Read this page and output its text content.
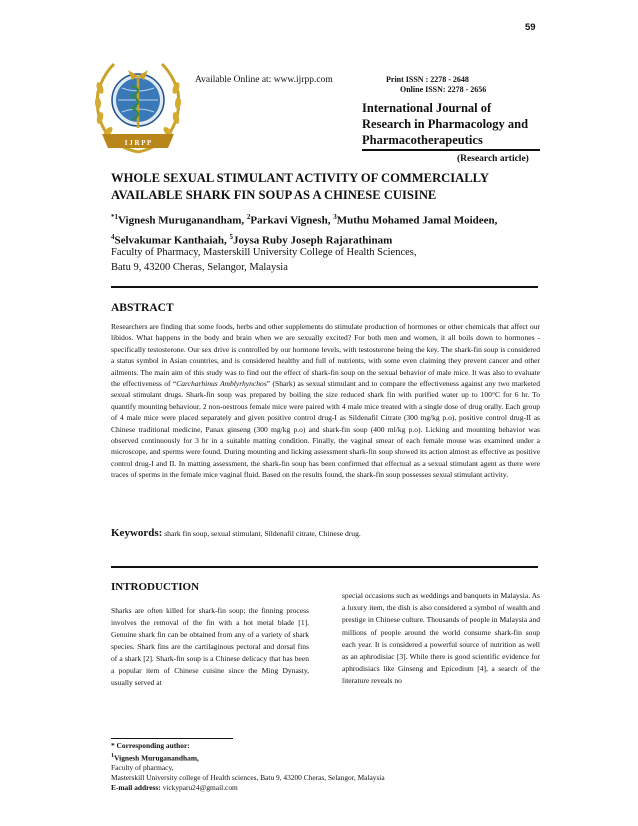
59
I J R P P
Available Online at: www.ijrpp.com	Print ISSN : 2278 - 2648
Online ISSN: 2278 - 2656
International Journal of
Research in Pharmacology and
Pharmacotherapeutics
(Research article)
WHOLE SEXUAL STIMULANT ACTIVITY OF COMMERCIALLY
AVAILABLE SHARK FIN SOUP AS A CHINESE CUISINE
$^{*1}$Vignesh Muruganandham, $^2$Parkavi Vignesh, $^3$Muthu Mohamed Jamal Moideen,
$^4$Selvakumar Kanthaiah, $^5$Joysa Ruby Joseph Rajarathinam
Faculty of Pharmacy, Masterskill University College of Health Sciences,
Batu 9, 43200 Cheras, Selangor, Malaysia
ABSTRACT
Researchers are finding that some foods, herbs and other supplements do stimulate production of hormones or other chemicals that affect our libidos. What happens in the body and brain when we are sexually excited? For both men and women, it all boils down to hormones - specifically testosterone. Our sex drive is controlled by our hormone levels, with testosterone being the key. The shark-fin soup is considered a status symbol in Asian countries, and is considered healthy and full of nutrients, with some even claiming they prevent cancer and other ailments. The main aim of this study was to find out the effect of shark-fin soup on the sexual behavior of male mice. It was also to evaluate the effectiveness of “Carcharhinus Amblyrhynchos” (Shark) as sexual stimulant and to compare the effectiveness against any two marketed sexual stimulant drugs. Shark-fin soup was prepared by boiling the size reduced shark fin with purified water up to 100°C for 6 hr. To quantify mounting behaviour, 2 non-oestrous female mice were paired with 4 male mice treated with a single dose of drug orally. Each group of 4 male mice were placed separately and given positive control drug-I as Sildenafil Citrate (300 mg/kg p.o), positive control drug-II as Chinese traditional medicine, Panax ginseng (300 mg/kg p.o) and shark-fin soup (400 ml/kg p.o). Licking and mounting behavior was observed continuously for 3 hr in a suitable matting condition. Finally, the vaginal smear of each female mouse was examined under a microscope, and sperms were found. During mounting and licking assessment shark-fin soup showed its action almost as effective as positive control drug-I and II. In matting assessment, the shark-fin soup has been confirmed that effectual as a sexual stimulant agent as there were traces of sperms in the female mice vaginal fluid. Based on the results found, the shark-fin soup possesses sexual stimulant activity.
Keywords: shark fin soup, sexual stimulant, Sildenafil citrate, Chinese drug.
INTRODUCTION
Sharks are often killed for shark-fin soup; the finning process involves the removal of the fin with a hot metal blade [1]. Genuine shark fin can be obtained from any of a variety of shark species. Shark fins are the cartilaginous pectoral and dorsal fins of a shark [2]. Shark-fin soup is a Chinese delicacy that has been a popular item of Chinese cuisine since the Ming Dynasty, usually served at
special occasions such as weddings and banquets in Malaysia. As a luxury item, the dish is also considered a symbol of wealth and prestige in Chinese culture. Thousands of people in Malaysia and millions of people around the world consume shark-fin soup each year. It is considered a powerful source of nutrition as well as an aphrodisiac [3]. While there is good scientific evidence for aphrodisiacs like Ginseng and Epicedium [4], a search of the literature reveals no
* Corresponding author:
$^1$Vignesh Muruganandham,
Faculty of pharmacy,
Masterskill University college of Health sciences, Batu 9, 43200 Cheras, Selangor, Malaysia
E-mail address: vickyparu24@gmail.com
